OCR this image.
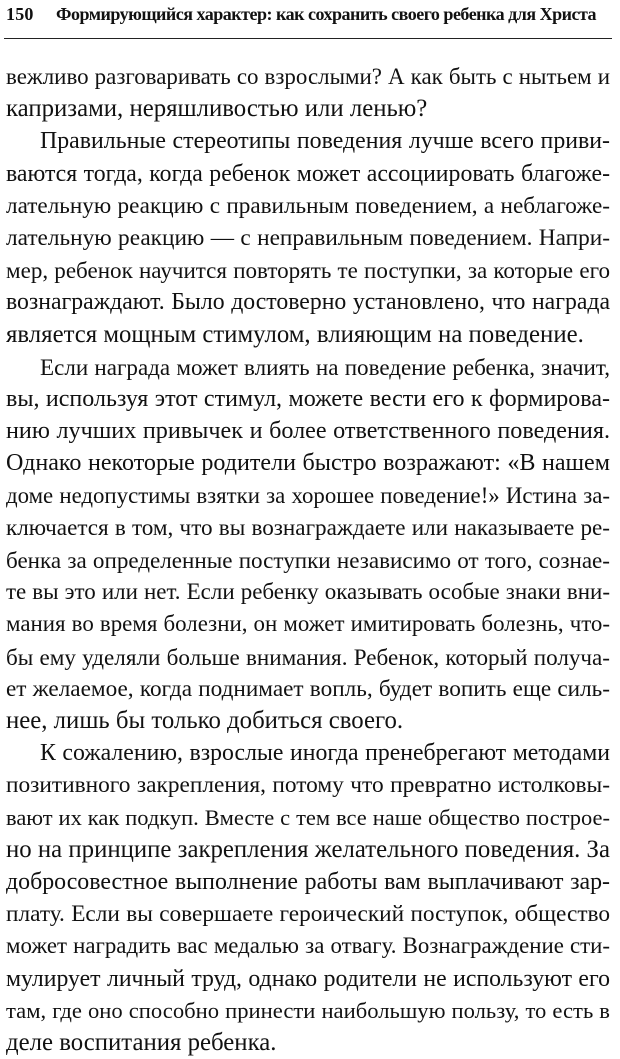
150 Формирующийся характер: как сохранить своего ребенка для Христа
вежливо разговаривать со взрослыми? А как быть с нытьем и
капризами, неряшливостью или ленью?
Правильные стереотипы поведения лучше всего приви-
ваются тогда, когда ребенок может ассоциировать благоже-
лательную реакцию с правильным поведением, а неблагоже-
лательную реакцию — с неправильным поведением. Напри-
мер, ребенок научится повторять те поступки, за которые его
вознаграждают. Было достоверно установлено, что награда
является мощным стимулом, влияющим на поведение.
Если награда может влиять на поведение ребенка, значит,
вы, используя этот стимул, можете вести его к формирова-
нию лучших привычек и более ответственного поведения.
Однако некоторые родители быстро возражают: «В нашем
доме недопустимы взятки за хорошее поведение!» Истина за-
ключается в том, что вы вознаграждаете или наказываете ре-
бенка за определенные поступки независимо от того, сознае-
те вы это или нет. Если ребенку оказывать особые знаки вни-
мания во время болезни, он может имитировать болезнь, что-
бы ему уделяли больше внимания. Ребенок, который получа-
ет желаемое, когда поднимает вопль, будет вопить еще силь-
нее, лишь бы только добиться своего.
К сожалению, взрослые иногда пренебрегают методами
позитивного закрепления, потому что превратно истолковы-
вают их как подкуп. Вместе с тем все наше общество построе-
но на принципе закрепления желательного поведения. За
добросовестное выполнение работы вам выплачивают зар-
плату. Если вы совершаете героический поступок, общество
может наградить вас медалью за отвагу. Вознаграждение сти-
мулирует личный труд, однако родители не используют его
там, где оно способно принести наибольшую пользу, то есть в
деле воспитания ребенка.
